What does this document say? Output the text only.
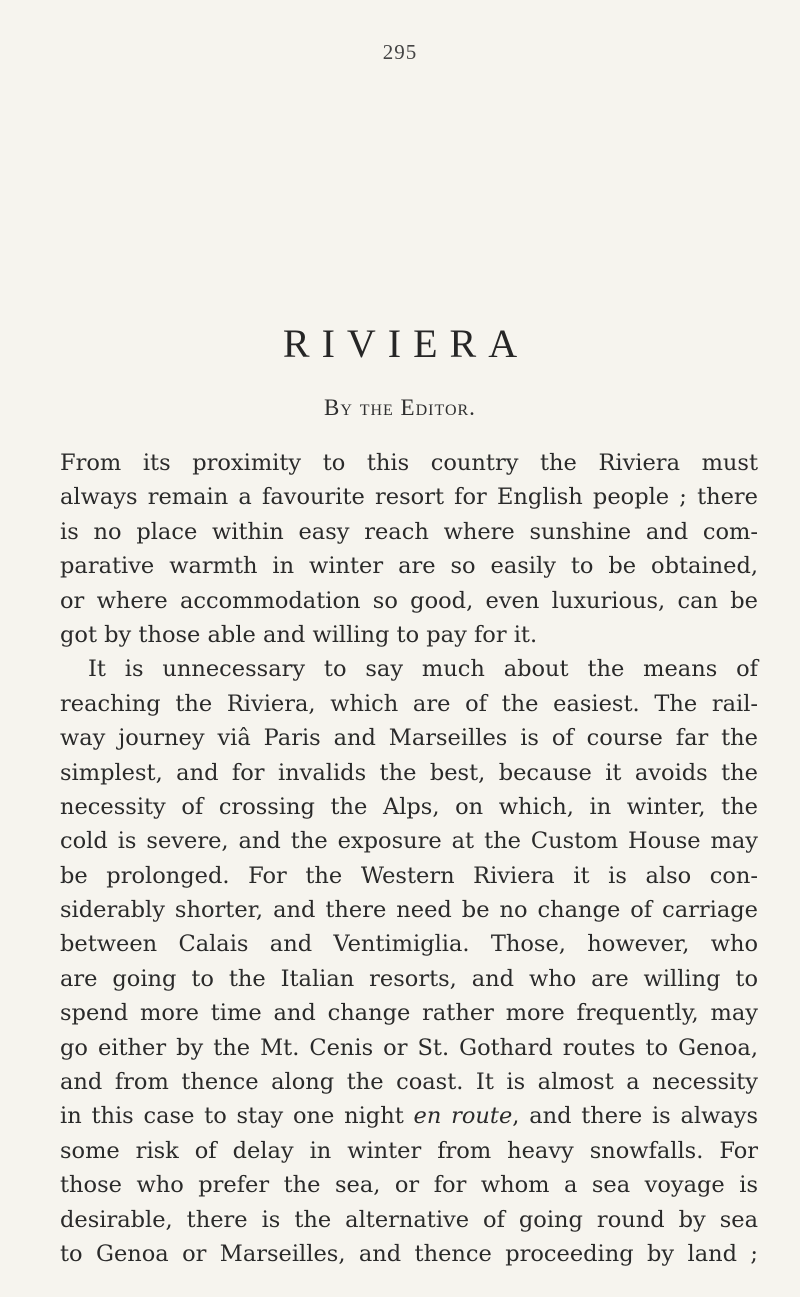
295
RIVIERA
By the Editor.
From its proximity to this country the Riviera must
always remain a favourite resort for English people ; there
is no place within easy reach where sunshine and com-
parative warmth in winter are so easily to be obtained,
or where accommodation so good, even luxurious, can be
got by those able and willing to pay for it.
It is unnecessary to say much about the means of
reaching the Riviera, which are of the easiest. The rail-
way journey viâ Paris and Marseilles is of course far the
simplest, and for invalids the best, because it avoids the
necessity of crossing the Alps, on which, in winter, the
cold is severe, and the exposure at the Custom House may
be prolonged. For the Western Riviera it is also con-
siderably shorter, and there need be no change of carriage
between Calais and Ventimiglia. Those, however, who
are going to the Italian resorts, and who are willing to
spend more time and change rather more frequently, may
go either by the Mt. Cenis or St. Gothard routes to Genoa,
and from thence along the coast. It is almost a necessity
in this case to stay one night en route, and there is always
some risk of delay in winter from heavy snowfalls. For
those who prefer the sea, or for whom a sea voyage is
desirable, there is the alternative of going round by sea
to Genoa or Marseilles, and thence proceeding by land ;
